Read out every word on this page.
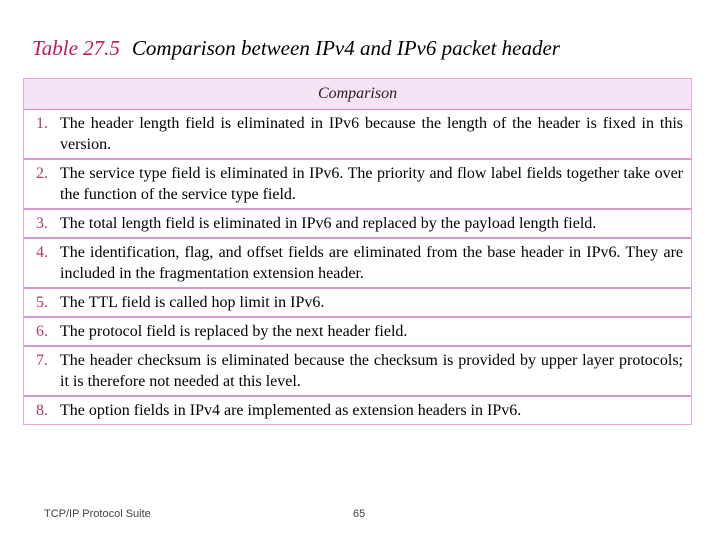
Table 27.5 Comparison between IPv4 and IPv6 packet header
Comparison
1. The header length field is eliminated in IPv6 because the length of the header is fixed in this version.
2. The service type field is eliminated in IPv6. The priority and flow label fields together take over the function of the service type field.
3. The total length field is eliminated in IPv6 and replaced by the payload length field.
4. The identification, flag, and offset fields are eliminated from the base header in IPv6. They are included in the fragmentation extension header.
5. The TTL field is called hop limit in IPv6.
6. The protocol field is replaced by the next header field.
7. The header checksum is eliminated because the checksum is provided by upper layer protocols; it is therefore not needed at this level.
8. The option fields in IPv4 are implemented as extension headers in IPv6.
TCP/IP Protocol Suite	65
